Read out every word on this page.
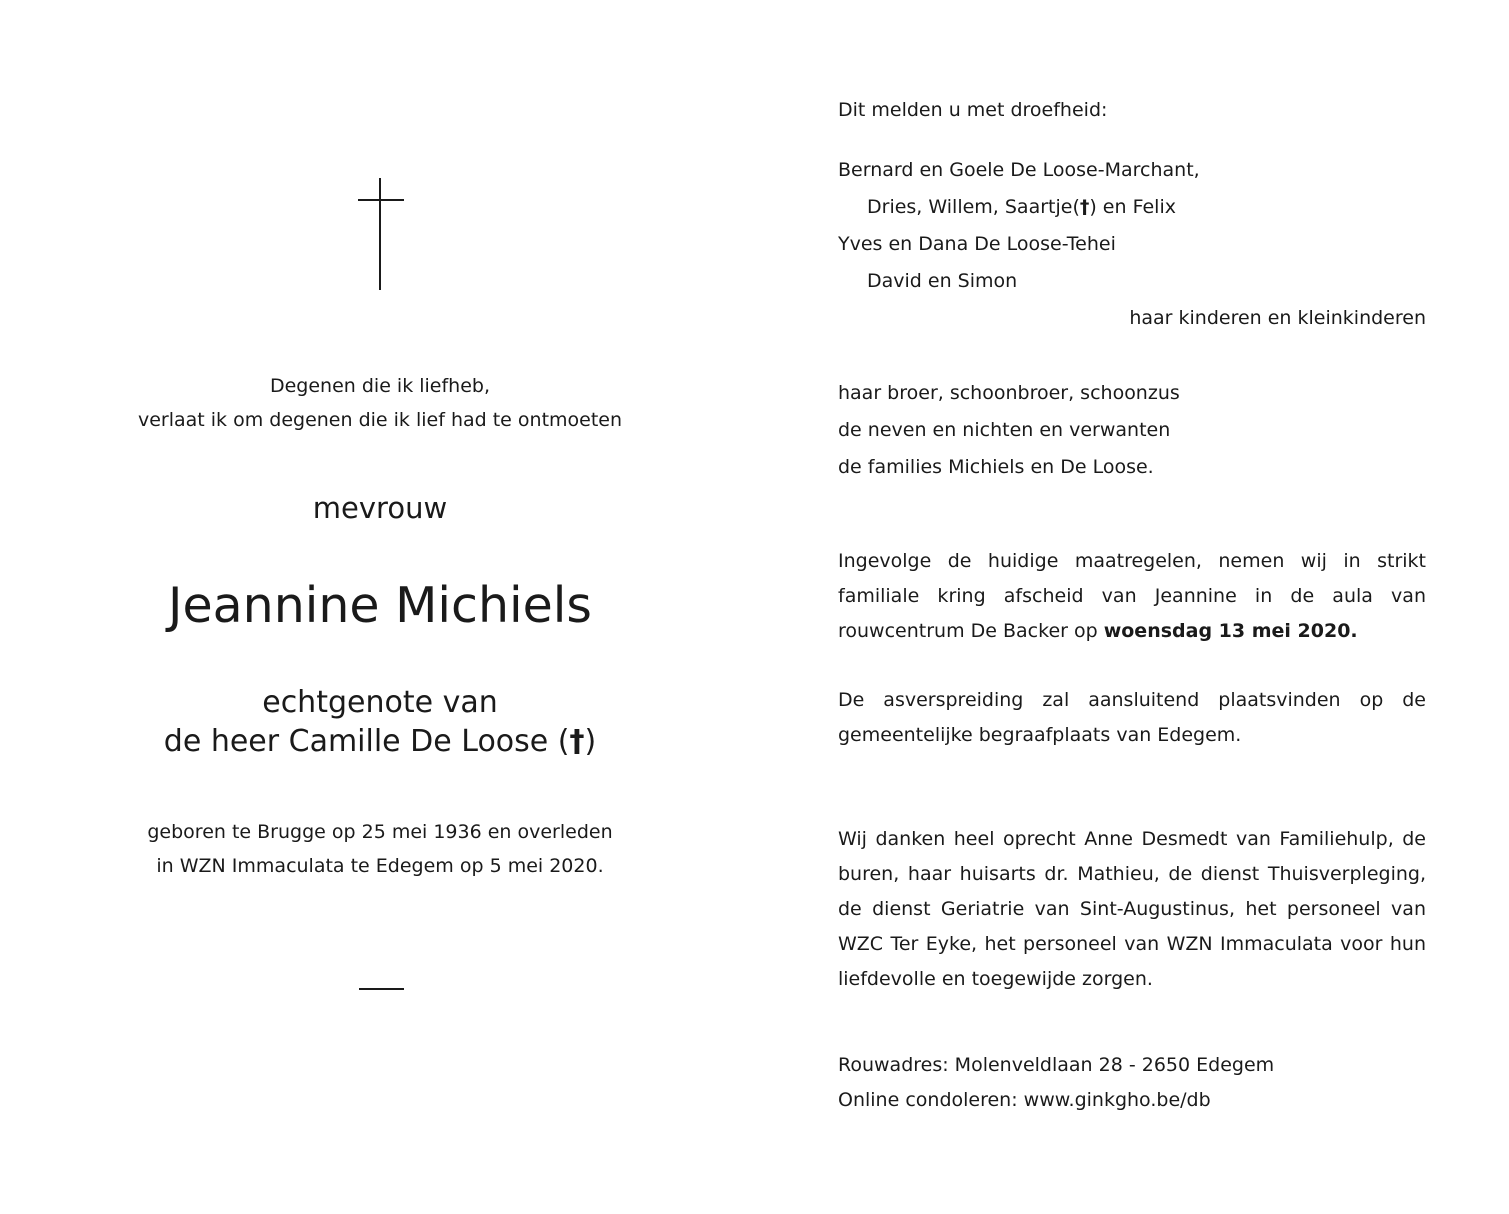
Degenen die ik liefheb,
verlaat ik om degenen die ik lief had te ontmoeten
mevrouw
Jeannine Michiels
echtgenote van
de heer Camille De Loose (†)
geboren te Brugge op 25 mei 1936 en overleden
in WZN Immaculata te Edegem op 5 mei 2020.
Dit melden u met droefheid:
Bernard en Goele De Loose-Marchant,
Dries, Willem, Saartje(†) en Felix
Yves en Dana De Loose-Tehei
David en Simon
haar kinderen en kleinkinderen
haar broer, schoonbroer, schoonzus
de neven en nichten en verwanten
de families Michiels en De Loose.
Ingevolge de huidige maatregelen, nemen wij in strikt familiale kring afscheid van Jeannine in de aula van rouwcentrum De Backer op woensdag 13 mei 2020.
De asverspreiding zal aansluitend plaatsvinden op de gemeentelijke begraafplaats van Edegem.
Wij danken heel oprecht Anne Desmedt van Familiehulp, de buren, haar huisarts dr. Mathieu, de dienst Thuisverpleging, de dienst Geriatrie van Sint-Augustinus, het personeel van WZC Ter Eyke, het personeel van WZN Immaculata voor hun liefdevolle en toegewijde zorgen.
Rouwadres: Molenveldlaan 28 - 2650 Edegem
Online condoleren: www.ginkgho.be/db
